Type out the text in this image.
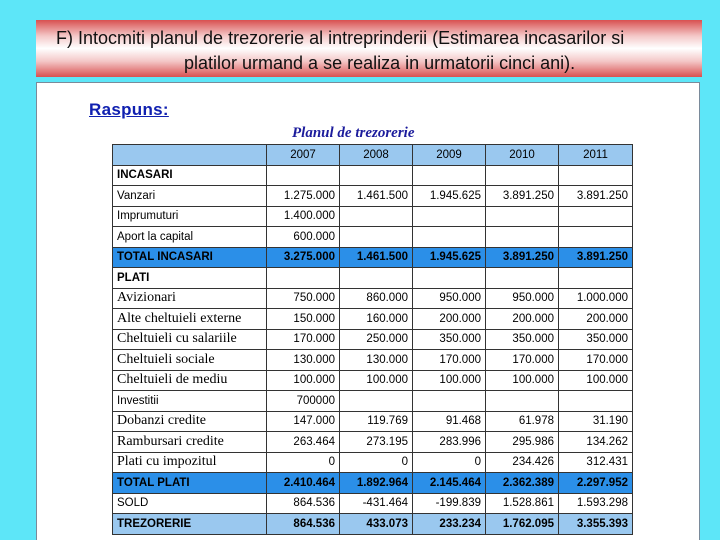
F) Intocmiti planul de trezorerie al intreprinderii (Estimarea incasarilor si
platilor urmand a se realiza in urmatorii cinci ani).
Raspuns:
Planul de trezorerie
	2007	2008	2009	2010	2011
INCASARI					
Vanzari	1.275.000	1.461.500	1.945.625	3.891.250	3.891.250
Imprumuturi	1.400.000				
Aport la capital	600.000				
TOTAL INCASARI	3.275.000	1.461.500	1.945.625	3.891.250	3.891.250
PLATI					
Avizionari	750.000	860.000	950.000	950.000	1.000.000
Alte cheltuieli externe	150.000	160.000	200.000	200.000	200.000
Cheltuieli cu salariile	170.000	250.000	350.000	350.000	350.000
Cheltuieli sociale	130.000	130.000	170.000	170.000	170.000
Cheltuieli de mediu	100.000	100.000	100.000	100.000	100.000
Investitii	700000				
Dobanzi credite	147.000	119.769	91.468	61.978	31.190
Rambursari credite	263.464	273.195	283.996	295.986	134.262
Plati cu impozitul	0	0	0	234.426	312.431
TOTAL PLATI	2.410.464	1.892.964	2.145.464	2.362.389	2.297.952
SOLD	864.536	-431.464	-199.839	1.528.861	1.593.298
TREZORERIE	864.536	433.073	233.234	1.762.095	3.355.393
